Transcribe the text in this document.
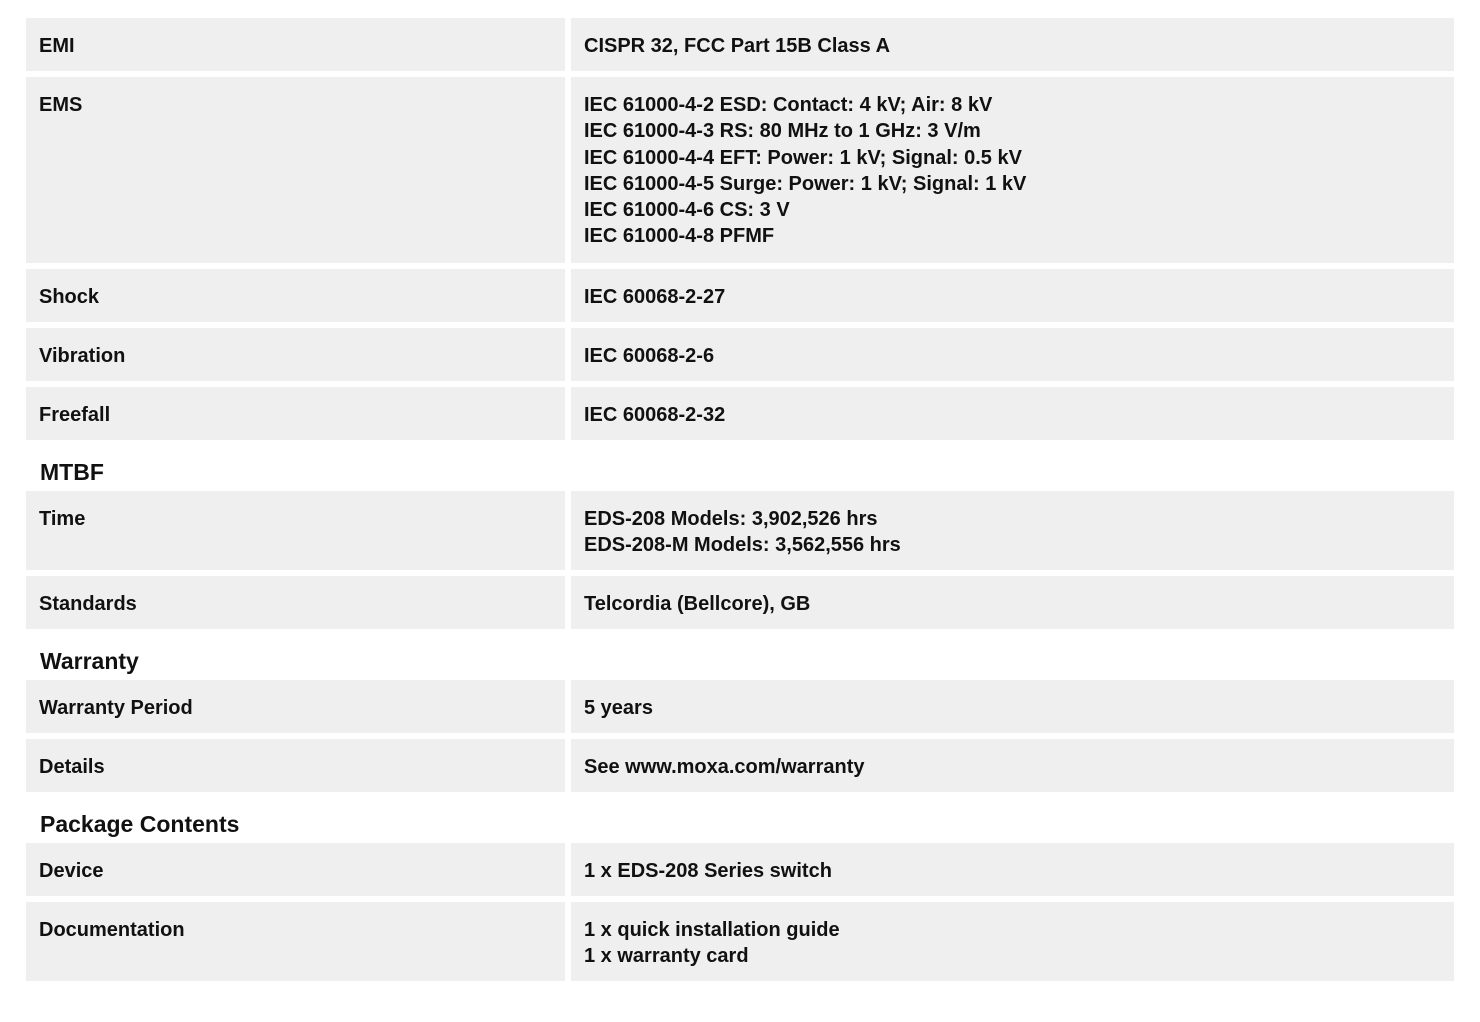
EMI	CISPR 32, FCC Part 15B Class A
EMS	IEC 61000-4-2 ESD: Contact: 4 kV; Air: 8 kV
IEC 61000-4-3 RS: 80 MHz to 1 GHz: 3 V/m
IEC 61000-4-4 EFT: Power: 1 kV; Signal: 0.5 kV
IEC 61000-4-5 Surge: Power: 1 kV; Signal: 1 kV
IEC 61000-4-6 CS: 3 V
IEC 61000-4-8 PFMF
Shock	IEC 60068-2-27
Vibration	IEC 60068-2-6
Freefall	IEC 60068-2-32
MTBF
Time	EDS-208 Models: 3,902,526 hrs
EDS-208-M Models: 3,562,556 hrs
Standards	Telcordia (Bellcore), GB
Warranty
Warranty Period	5 years
Details	See www.moxa.com/warranty
Package Contents
Device	1 x EDS-208 Series switch
Documentation	1 x quick installation guide
1 x warranty card
